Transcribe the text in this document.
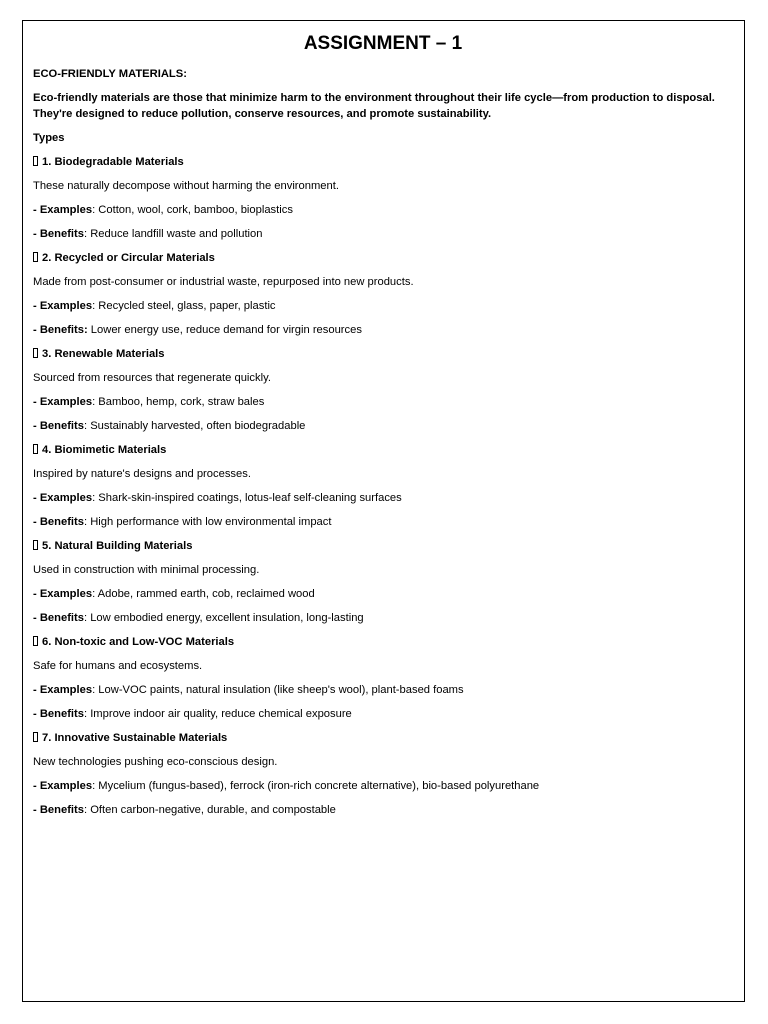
ASSIGNMENT – 1
ECO-FRIENDLY MATERIALS:
Eco-friendly materials are those that minimize harm to the environment throughout their life cycle—from production to disposal. They're designed to reduce pollution, conserve resources, and promote sustainability.
Types
1. Biodegradable Materials
These naturally decompose without harming the environment.
- Examples: Cotton, wool, cork, bamboo, bioplastics
- Benefits: Reduce landfill waste and pollution
2. Recycled or Circular Materials
Made from post-consumer or industrial waste, repurposed into new products.
- Examples: Recycled steel, glass, paper, plastic
- Benefits: Lower energy use, reduce demand for virgin resources
3. Renewable Materials
Sourced from resources that regenerate quickly.
- Examples: Bamboo, hemp, cork, straw bales
- Benefits: Sustainably harvested, often biodegradable
4. Biomimetic Materials
Inspired by nature's designs and processes.
- Examples: Shark-skin-inspired coatings, lotus-leaf self-cleaning surfaces
- Benefits: High performance with low environmental impact
5. Natural Building Materials
Used in construction with minimal processing.
- Examples: Adobe, rammed earth, cob, reclaimed wood
- Benefits: Low embodied energy, excellent insulation, long-lasting
6. Non-toxic and Low-VOC Materials
Safe for humans and ecosystems.
- Examples: Low-VOC paints, natural insulation (like sheep's wool), plant-based foams
- Benefits: Improve indoor air quality, reduce chemical exposure
7. Innovative Sustainable Materials
New technologies pushing eco-conscious design.
- Examples: Mycelium (fungus-based), ferrock (iron-rich concrete alternative), bio-based polyurethane
- Benefits: Often carbon-negative, durable, and compostable
